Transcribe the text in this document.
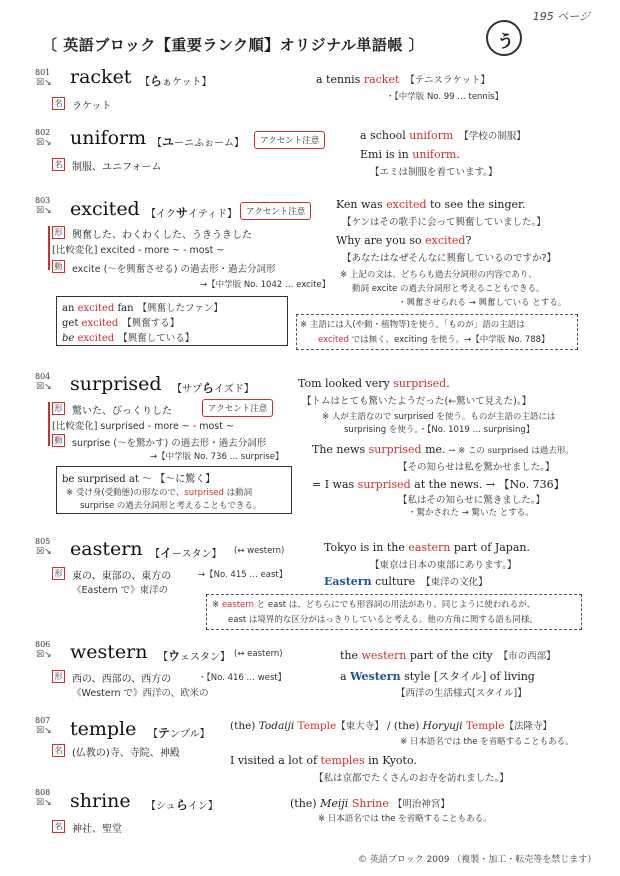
195 ページ
〔 英語ブロック【重要ランク順】オリジナル単語帳 〕	う
801
☒↘ racket 【らぁケット】
名 ラケット
a tennis racket 【テニスラケット】
・【中学版 No. 99 … tennis】
802
☒↘ uniform 【ユーニふぉーム】	アクセント注意
名 制服、ユニフォーム
a school uniform 【学校の制服】
Emi is in uniform.
【エミは制服を着ています。】
803
☒↘ excited 【イクサイティド】	アクセント注意
形 興奮した、わくわくした、うきうきした
[比較変化] excited - more ~ - most ~
動 excite (～を興奮させる) の過去形・過去分詞形
→【中学版 No. 1042 … excite】
Ken was excited to see the singer.
【ケンはその歌手に会って興奮していました。】
Why are you so excited?
【あなたはなぜそんなに興奮しているのですか?】
※ 上記の文は、どちらも過去分詞形の内容であり、
動詞 excite の過去分詞形と考えることもできる。
・興奮させられる → 興奮している とする。
an excited fan 【興奮したファン】
get excited 【興奮する】
be excited 【興奮している】
※ 主語には人(や動・植物等)を使う。「ものが」語の主語は
excited では無く、exciting を使う。→【中学版 No. 788】
804
☒↘ surprised 【サプらイズド】
アクセント注意
形 驚いた、びっくりした
[比較変化] surprised - more ~ - most ~
動 surprise (～を驚かす) の過去形・過去分詞形
→【中学版 No. 736 … surprise】
be surprised at ～ 【～に驚く】
※ 受け身(受動態)の形なので、surprised は動詞
surprise の過去分詞形と考えることもできる。
Tom looked very surprised.
【トムはとても驚いたようだった(←驚いて見えた)。】
※ 人が主語なので surprised を使う。ものが主語の主語には
surprising を使う。・【No. 1019 … surprising】
The news surprised me. → ※ この surprised は過去形。
【その知らせは私を驚かせました。】
= I was surprised at the news. → 【No. 736】
【私はその知らせに驚きました。】
・驚かされた → 驚いた とする。
805
☒↘ eastern 【イースタン】 (↔ western)
形 東の、東部の、東方の	→【No. 415 … east】
《Eastern で》東洋の
Tokyo is in the eastern part of Japan.
【東京は日本の東部にあります。】
Eastern culture 【東洋の文化】
※ eastern と east は、どちらにでも形容詞の用法があり、同じように使われるが、
east は境界的な区分がはっきりしていると考える。他の方角に関する語も同様。
806
☒↘ western 【ウェスタン】 (↔ eastern)
形 西の、西部の、西方の	・【No. 416 … west】
《Western で》西洋の、欧米の
the western part of the city 【市の西部】
a Western style [スタイル] of living
【西洋の生活様式[スタイル]】
807
☒↘ temple 【テンプル】
名 (仏教の)寺、寺院、神殿
(the) Todaiji Temple【東大寺】 / (the) Horyuji Temple【法隆寺】
※ 日本語名では the を省略することもある。
I visited a lot of temples in Kyoto.
【私は京都でたくさんのお寺を訪れました。】
808
☒↘ shrine 【シュらイン】
名 神社、聖堂
(the) Meiji Shrine 【明治神宮】
※ 日本語名では the を省略することもある。
© 英語ブロック 2009 （複製・加工・転売等を禁じます）
